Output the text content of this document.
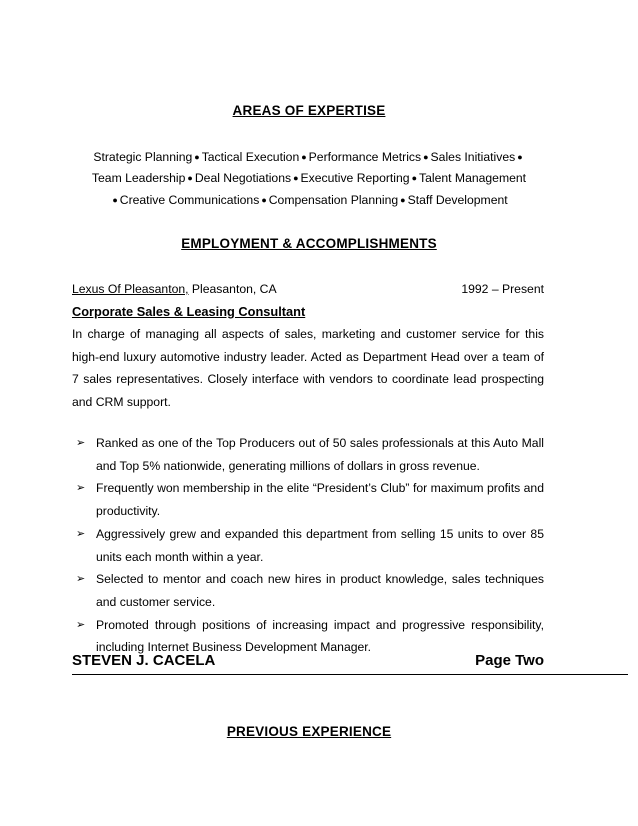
AREAS OF EXPERTISE
Strategic Planning ● Tactical Execution ● Performance Metrics ● Sales Initiatives ●
Team Leadership ● Deal Negotiations ● Executive Reporting ● Talent Management
● Creative Communications ● Compensation Planning ● Staff Development
EMPLOYMENT & ACCOMPLISHMENTS
Lexus Of Pleasanton, Pleasanton, CA	1992 – Present
Corporate Sales & Leasing Consultant
In charge of managing all aspects of sales, marketing and customer service for this high-end luxury automotive industry leader. Acted as Department Head over a team of 7 sales representatives. Closely interface with vendors to coordinate lead prospecting and CRM support.
➢ Ranked as one of the Top Producers out of 50 sales professionals at this Auto Mall and Top 5% nationwide, generating millions of dollars in gross revenue.
➢ Frequently won membership in the elite “President’s Club” for maximum profits and productivity.
➢ Aggressively grew and expanded this department from selling 15 units to over 85 units each month within a year.
➢ Selected to mentor and coach new hires in product knowledge, sales techniques and customer service.
➢ Promoted through positions of increasing impact and progressive responsibility, including Internet Business Development Manager.
STEVEN J. CACELA	Page Two
PREVIOUS EXPERIENCE
